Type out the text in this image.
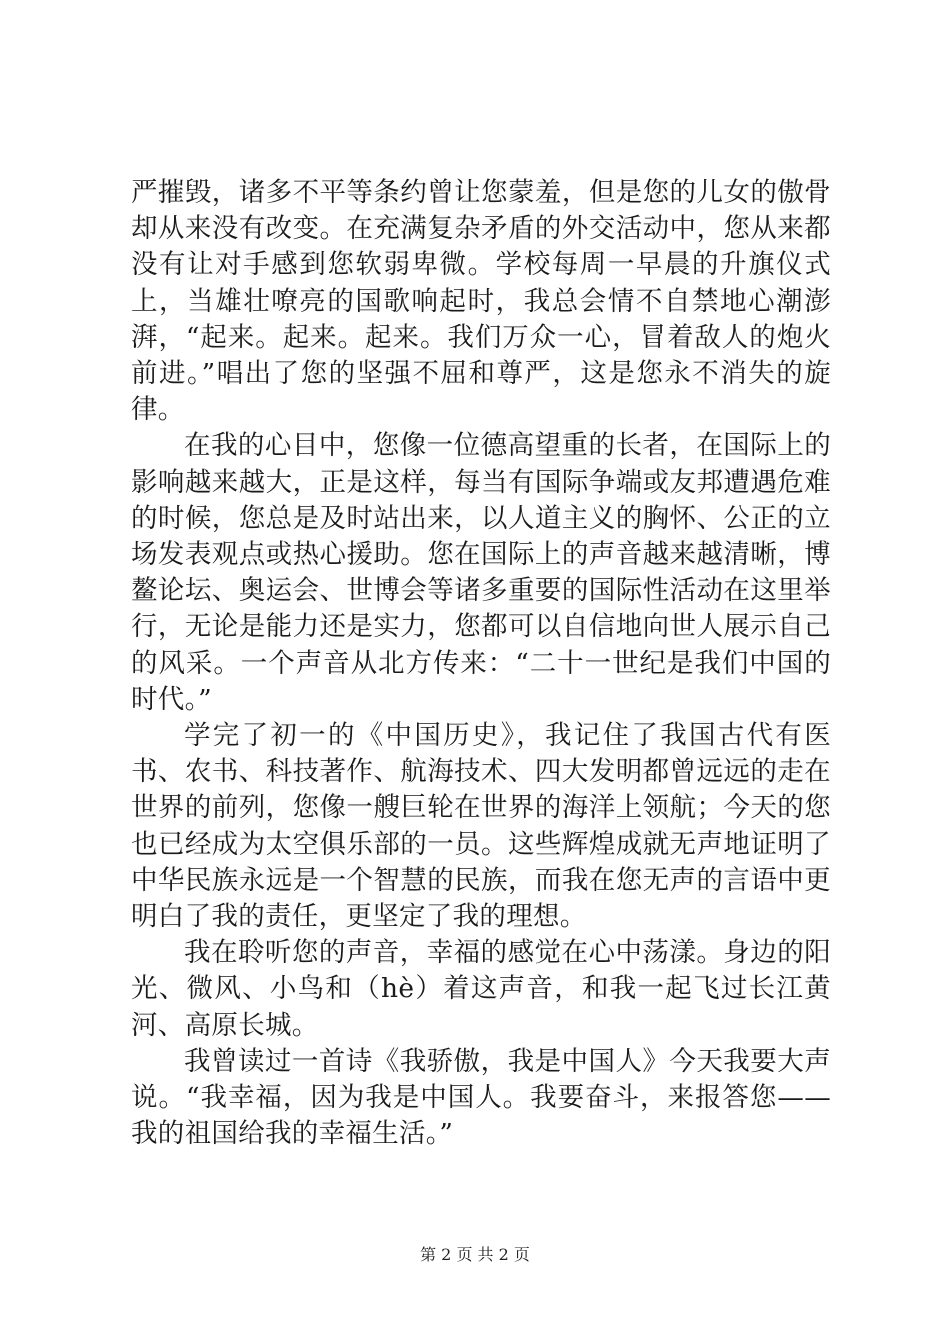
严摧毁，诸多不平等条约曾让您蒙羞，但是您的儿女的傲骨却从来没有改变。在充满复杂矛盾的外交活动中，您从来都没有让对手感到您软弱卑微。学校每周一早晨的升旗仪式上，当雄壮嘹亮的国歌响起时，我总会情不自禁地心潮澎湃，“起来。起来。起来。我们万众一心，冒着敌人的炮火前进。”唱出了您的坚强不屈和尊严，这是您永不消失的旋律。

在我的心目中，您像一位德高望重的长者，在国际上的影响越来越大，正是这样，每当有国际争端或友邦遭遇危难的时候，您总是及时站出来，以人道主义的胸怀、公正的立场发表观点或热心援助。您在国际上的声音越来越清晰，博鳌论坛、奥运会、世博会等诸多重要的国际性活动在这里举行，无论是能力还是实力，您都可以自信地向世人展示自己的风采。一个声音从北方传来：“二十一世纪是我们中国的时代。”

学完了初一的《中国历史》，我记住了我国古代有医书、农书、科技著作、航海技术、四大发明都曾远远的走在世界的前列，您像一艘巨轮在世界的海洋上领航；今天的您也已经成为太空俱乐部的一员。这些辉煌成就无声地证明了中华民族永远是一个智慧的民族，而我在您无声的言语中更明白了我的责任，更坚定了我的理想。

我在聆听您的声音，幸福的感觉在心中荡漾。身边的阳光、微风、小鸟和（hè）着这声音，和我一起飞过长江黄河、高原长城。

我曾读过一首诗《我骄傲，我是中国人》今天我要大声说。“我幸福，因为我是中国人。我要奋斗，来报答您——我的祖国给我的幸福生活。”

第 2 页 共 2 页
